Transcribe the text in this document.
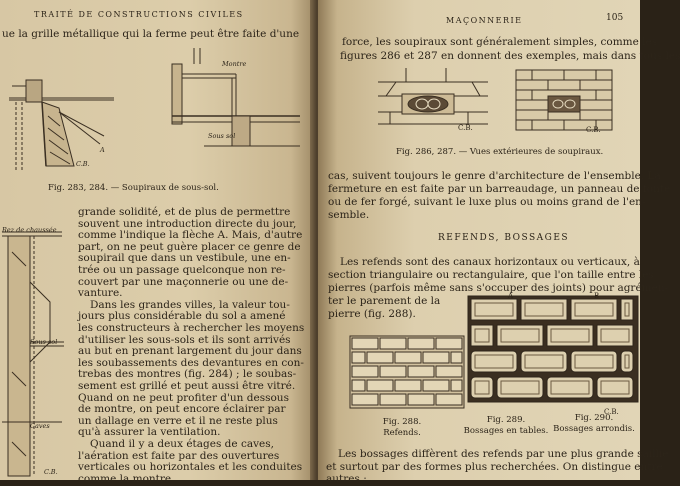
TRAITÉ DE CONSTRUCTIONS CIVILES
ue la grille métallique qui la ferme peut être faite d'une
Montre
A
Sous sol
C.B.
Fig. 283, 284. — Soupiraux de sous-sol.
Rez de chaussée
Sous sol
Caves
C.B.
grande solidité, et de plus de permettre
souvent une introduction directe du jour,
comme l'indique la flèche A. Mais, d'autre
part, on ne peut guère placer ce genre de
soupirail que dans un vestibule, une en-
trée ou un passage quelconque non re-
couvert par une maçonnerie ou une de-
vanture.
Dans les grandes villes, la valeur tou-
jours plus considérable du sol a amené
les constructeurs à rechercher les moyens
d'utiliser les sous-sols et ils sont arrivés
au but en prenant largement du jour dans
les soubassements des devantures en con-
trebas des montres (fig. 284) ; le soubas-
sement est grillé et peut aussi être vitré.
Quand on ne peut profiter d'un dessous
de montre, on peut encore éclairer par
un dallage en verre et il ne reste plus
qu'à assurer la ventilation.
Quand il y a deux étages de caves,
l'aération est faite par des ouvertures
verticales ou horizontales et les conduites
comme la montre
MAÇONNERIE	105
force, les soupiraux sont généralement simples, comme les
figures 286 et 287 en donnent des exemples, mais dans tous les
C.B.	C.B.
Fig. 286, 287. — Vues extérieures de soupiraux.
cas, suivent toujours le genre d'architecture de l'ensemble. La
fermeture en est faite par un barreaudage, un panneau de fonte
ou de fer forgé, suivant le luxe plus ou moins grand de l'en-
semble.
REFENDS, BOSSAGES
Les refends sont des canaux horizontaux ou verticaux, à
section triangulaire ou rectangulaire, que l'on taille entre les
pierres (parfois même sans s'occuper des joints) pour agrémen-
ter le parement de la
pierre (fig. 288).
Fig. 288.
Refends.
A	B
C.B.
Fig. 289.
Bossages en tables.
Fig. 290.
Bossages arrondis.
Les bossages diffèrent des refends par une plus grande saillie
et surtout par des formes plus recherchées. On distingue entre
autres :
